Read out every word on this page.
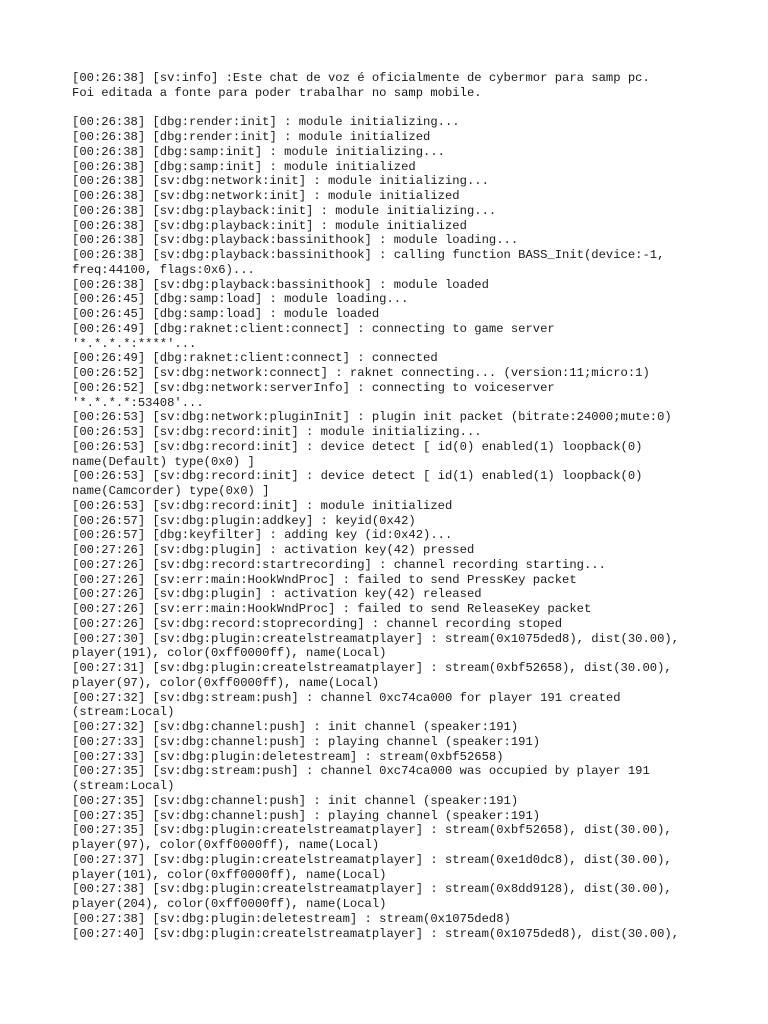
[00:26:38] [sv:info] :Este chat de voz é oficialmente de cybermor para samp pc.
Foi editada a fonte para poder trabalhar no samp mobile.
[00:26:38] [dbg:render:init] : module initializing...
[00:26:38] [dbg:render:init] : module initialized
[00:26:38] [dbg:samp:init] : module initializing...
[00:26:38] [dbg:samp:init] : module initialized
[00:26:38] [sv:dbg:network:init] : module initializing...
[00:26:38] [sv:dbg:network:init] : module initialized
[00:26:38] [sv:dbg:playback:init] : module initializing...
[00:26:38] [sv:dbg:playback:init] : module initialized
[00:26:38] [sv:dbg:playback:bassinithook] : module loading...
[00:26:38] [sv:dbg:playback:bassinithook] : calling function BASS_Init(device:-1,
freq:44100, flags:0x6)...
[00:26:38] [sv:dbg:playback:bassinithook] : module loaded
[00:26:45] [dbg:samp:load] : module loading...
[00:26:45] [dbg:samp:load] : module loaded
[00:26:49] [dbg:raknet:client:connect] : connecting to game server
'*.*.*.*:****'...
[00:26:49] [dbg:raknet:client:connect] : connected
[00:26:52] [sv:dbg:network:connect] : raknet connecting... (version:11;micro:1)
[00:26:52] [sv:dbg:network:serverInfo] : connecting to voiceserver
'*.*.*.*:53408'...
[00:26:53] [sv:dbg:network:pluginInit] : plugin init packet (bitrate:24000;mute:0)
[00:26:53] [sv:dbg:record:init] : module initializing...
[00:26:53] [sv:dbg:record:init] : device detect [ id(0) enabled(1) loopback(0)
name(Default) type(0x0) ]
[00:26:53] [sv:dbg:record:init] : device detect [ id(1) enabled(1) loopback(0)
name(Camcorder) type(0x0) ]
[00:26:53] [sv:dbg:record:init] : module initialized
[00:26:57] [sv:dbg:plugin:addkey] : keyid(0x42)
[00:26:57] [dbg:keyfilter] : adding key (id:0x42)...
[00:27:26] [sv:dbg:plugin] : activation key(42) pressed
[00:27:26] [sv:dbg:record:startrecording] : channel recording starting...
[00:27:26] [sv:err:main:HookWndProc] : failed to send PressKey packet
[00:27:26] [sv:dbg:plugin] : activation key(42) released
[00:27:26] [sv:err:main:HookWndProc] : failed to send ReleaseKey packet
[00:27:26] [sv:dbg:record:stoprecording] : channel recording stoped
[00:27:30] [sv:dbg:plugin:createlstreamatplayer] : stream(0x1075ded8), dist(30.00),
player(191), color(0xff0000ff), name(Local)
[00:27:31] [sv:dbg:plugin:createlstreamatplayer] : stream(0xbf52658), dist(30.00),
player(97), color(0xff0000ff), name(Local)
[00:27:32] [sv:dbg:stream:push] : channel 0xc74ca000 for player 191 created
(stream:Local)
[00:27:32] [sv:dbg:channel:push] : init channel (speaker:191)
[00:27:33] [sv:dbg:channel:push] : playing channel (speaker:191)
[00:27:33] [sv:dbg:plugin:deletestream] : stream(0xbf52658)
[00:27:35] [sv:dbg:stream:push] : channel 0xc74ca000 was occupied by player 191
(stream:Local)
[00:27:35] [sv:dbg:channel:push] : init channel (speaker:191)
[00:27:35] [sv:dbg:channel:push] : playing channel (speaker:191)
[00:27:35] [sv:dbg:plugin:createlstreamatplayer] : stream(0xbf52658), dist(30.00),
player(97), color(0xff0000ff), name(Local)
[00:27:37] [sv:dbg:plugin:createlstreamatplayer] : stream(0xe1d0dc8), dist(30.00),
player(101), color(0xff0000ff), name(Local)
[00:27:38] [sv:dbg:plugin:createlstreamatplayer] : stream(0x8dd9128), dist(30.00),
player(204), color(0xff0000ff), name(Local)
[00:27:38] [sv:dbg:plugin:deletestream] : stream(0x1075ded8)
[00:27:40] [sv:dbg:plugin:createlstreamatplayer] : stream(0x1075ded8), dist(30.00),
